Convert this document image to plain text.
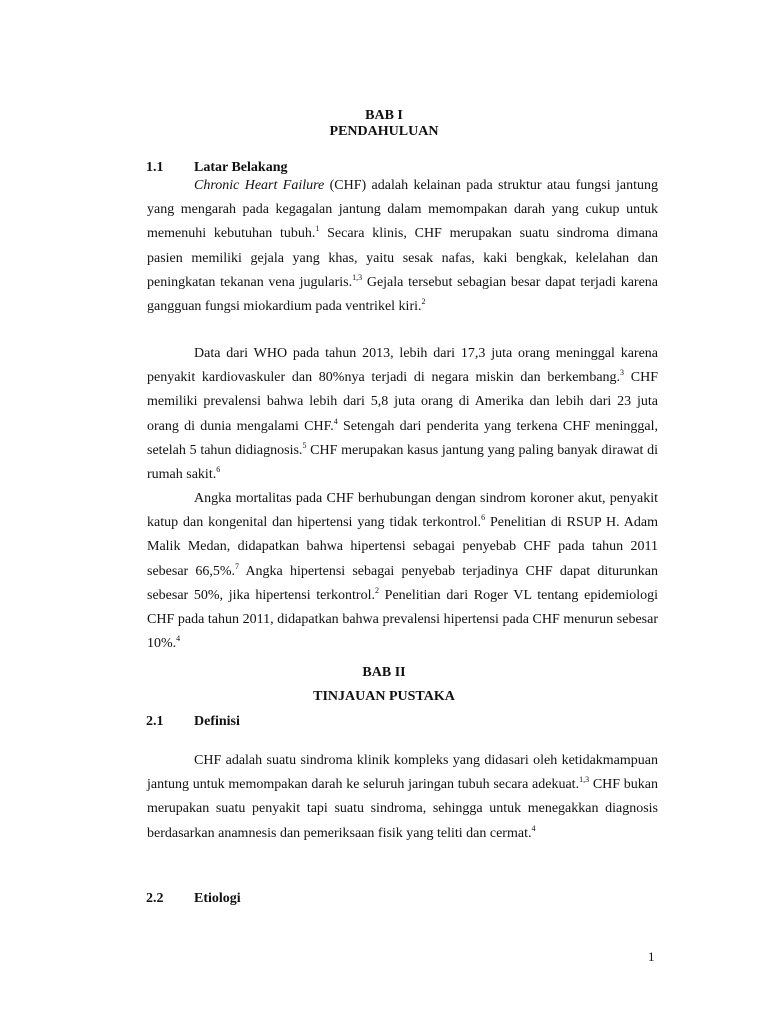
BAB I
PENDAHULUAN
1.1 Latar Belakang

Chronic Heart Failure (CHF) adalah kelainan pada struktur atau fungsi jantung yang mengarah pada kegagalan jantung dalam memompakan darah yang cukup untuk memenuhi kebutuhan tubuh.$^1$ Secara klinis, CHF merupakan suatu sindroma dimana pasien memiliki gejala yang khas, yaitu sesak nafas, kaki bengkak, kelelahan dan peningkatan tekanan vena jugularis.$^{1,3}$ Gejala tersebut sebagian besar dapat terjadi karena gangguan fungsi miokardium pada ventrikel kiri.$^2$

Data dari WHO pada tahun 2013, lebih dari 17,3 juta orang meninggal karena penyakit kardiovaskuler dan 80%nya terjadi di negara miskin dan berkembang.$^3$ CHF memiliki prevalensi bahwa lebih dari 5,8 juta orang di Amerika dan lebih dari 23 juta orang di dunia mengalami CHF.$^4$ Setengah dari penderita yang terkena CHF meninggal, setelah 5 tahun didiagnosis.$^5$ CHF merupakan kasus jantung yang paling banyak dirawat di rumah sakit.$^6$

Angka mortalitas pada CHF berhubungan dengan sindrom koroner akut, penyakit katup dan kongenital dan hipertensi yang tidak terkontrol.$^6$ Penelitian di RSUP H. Adam Malik Medan, didapatkan bahwa hipertensi sebagai penyebab CHF pada tahun 2011 sebesar 66,5%.$^7$ Angka hipertensi sebagai penyebab terjadinya CHF dapat diturunkan sebesar 50%, jika hipertensi terkontrol.$^2$ Penelitian dari Roger VL tentang epidemiologi CHF pada tahun 2011, didapatkan bahwa prevalensi hipertensi pada CHF menurun sebesar 10%.$^4$

BAB II
TINJAUAN PUSTAKA
2.1 Definisi

CHF adalah suatu sindroma klinik kompleks yang didasari oleh ketidakmampuan jantung untuk memompakan darah ke seluruh jaringan tubuh secara adekuat.$^{1,3}$ CHF bukan merupakan suatu penyakit tapi suatu sindroma, sehingga untuk menegakkan diagnosis berdasarkan anamnesis dan pemeriksaan fisik yang teliti dan cermat.$^4$

2.2 Etiologi
1
